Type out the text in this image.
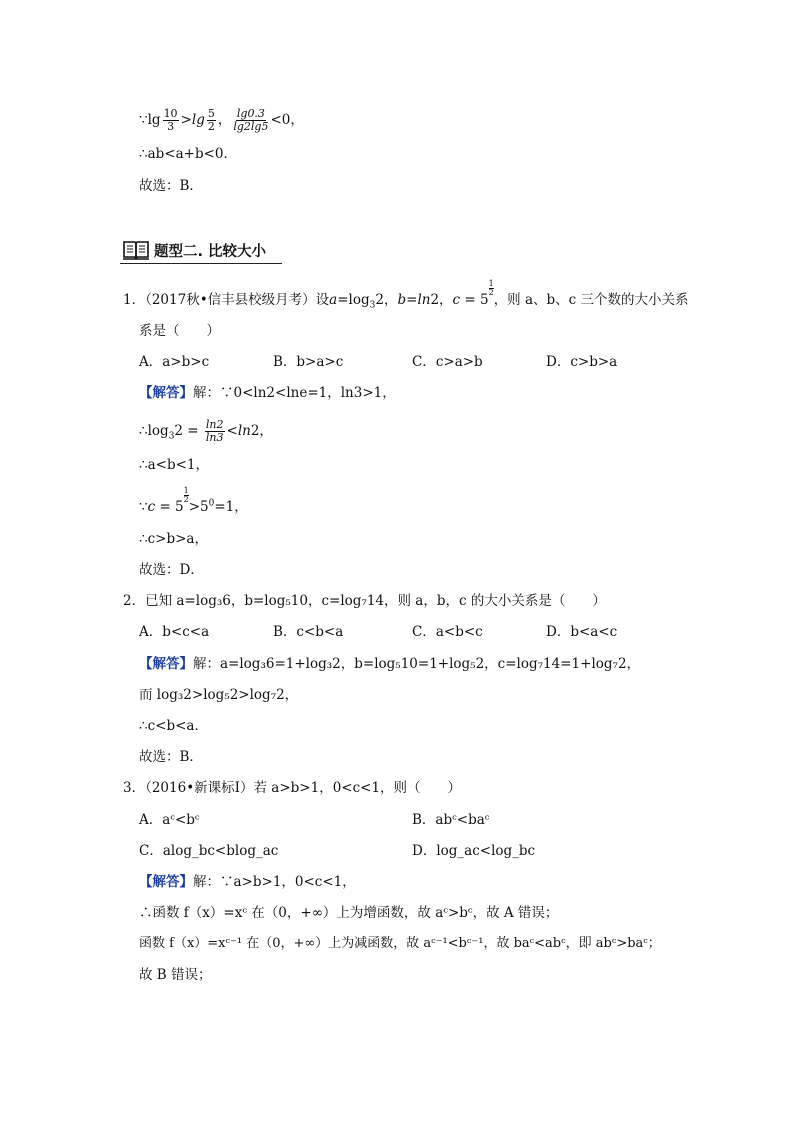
∵lg $\frac{10}{3} >\lg \frac{5}{2}$ ， $\frac{\lg 0.3}{\lg 2\lg 5} <0$，
∴ab<a+b<0．
故选：B．
题型二. 比较大小
1．（2017秋•信丰县校级月考）设$a=\log_32$，b=ln2，c = 5
$\frac{1}{2}$
，则 a、b、c 三个数的大小关系
系是（　　）
A．a>b>c	B．b>a>c	C．c>a>b	D．c>b>a
【解答】解：∵0<ln2<lne=1，ln3>1，
$\therefore\log_32 = \frac{\ln 2}{\ln 3} <\ln 2$，
∴a<b<1，
∵c = 5
$\frac{1}{2}$
$>5^0=1$，
∴c>b>a，
故选：D．
2．已知 a=log₃6，b=log₅10，c=log₇14，则 a，b，c 的大小关系是（　　）
A．b<c<a	B．c<b<a	C．a<b<c	D．b<a<c
【解答】解：a=log₃6=1+log₃2，b=log₅10=1+log₅2，c=log₇14=1+log₇2，
而 log₃2>log₅2>log₇2，
∴c<b<a．
故选：B．
3．（2016•新课标Ⅰ）若 a>b>1，0<c<1，则（　　）
A．aᶜ<bᶜ	B．abᶜ<baᶜ
C．alog_bc<blog_ac	D．log_ac<log_bc
【解答】解：∵a>b>1，0<c<1，
∴函数 f（x）=xᶜ 在（0，+∞）上为增函数，故 aᶜ>bᶜ，故 A 错误；
函数 f（x）=xᶜ⁻¹ 在（0，+∞）上为减函数，故 aᶜ⁻¹<bᶜ⁻¹，故 baᶜ<abᶜ，即 abᶜ>baᶜ；
故 B 错误；
